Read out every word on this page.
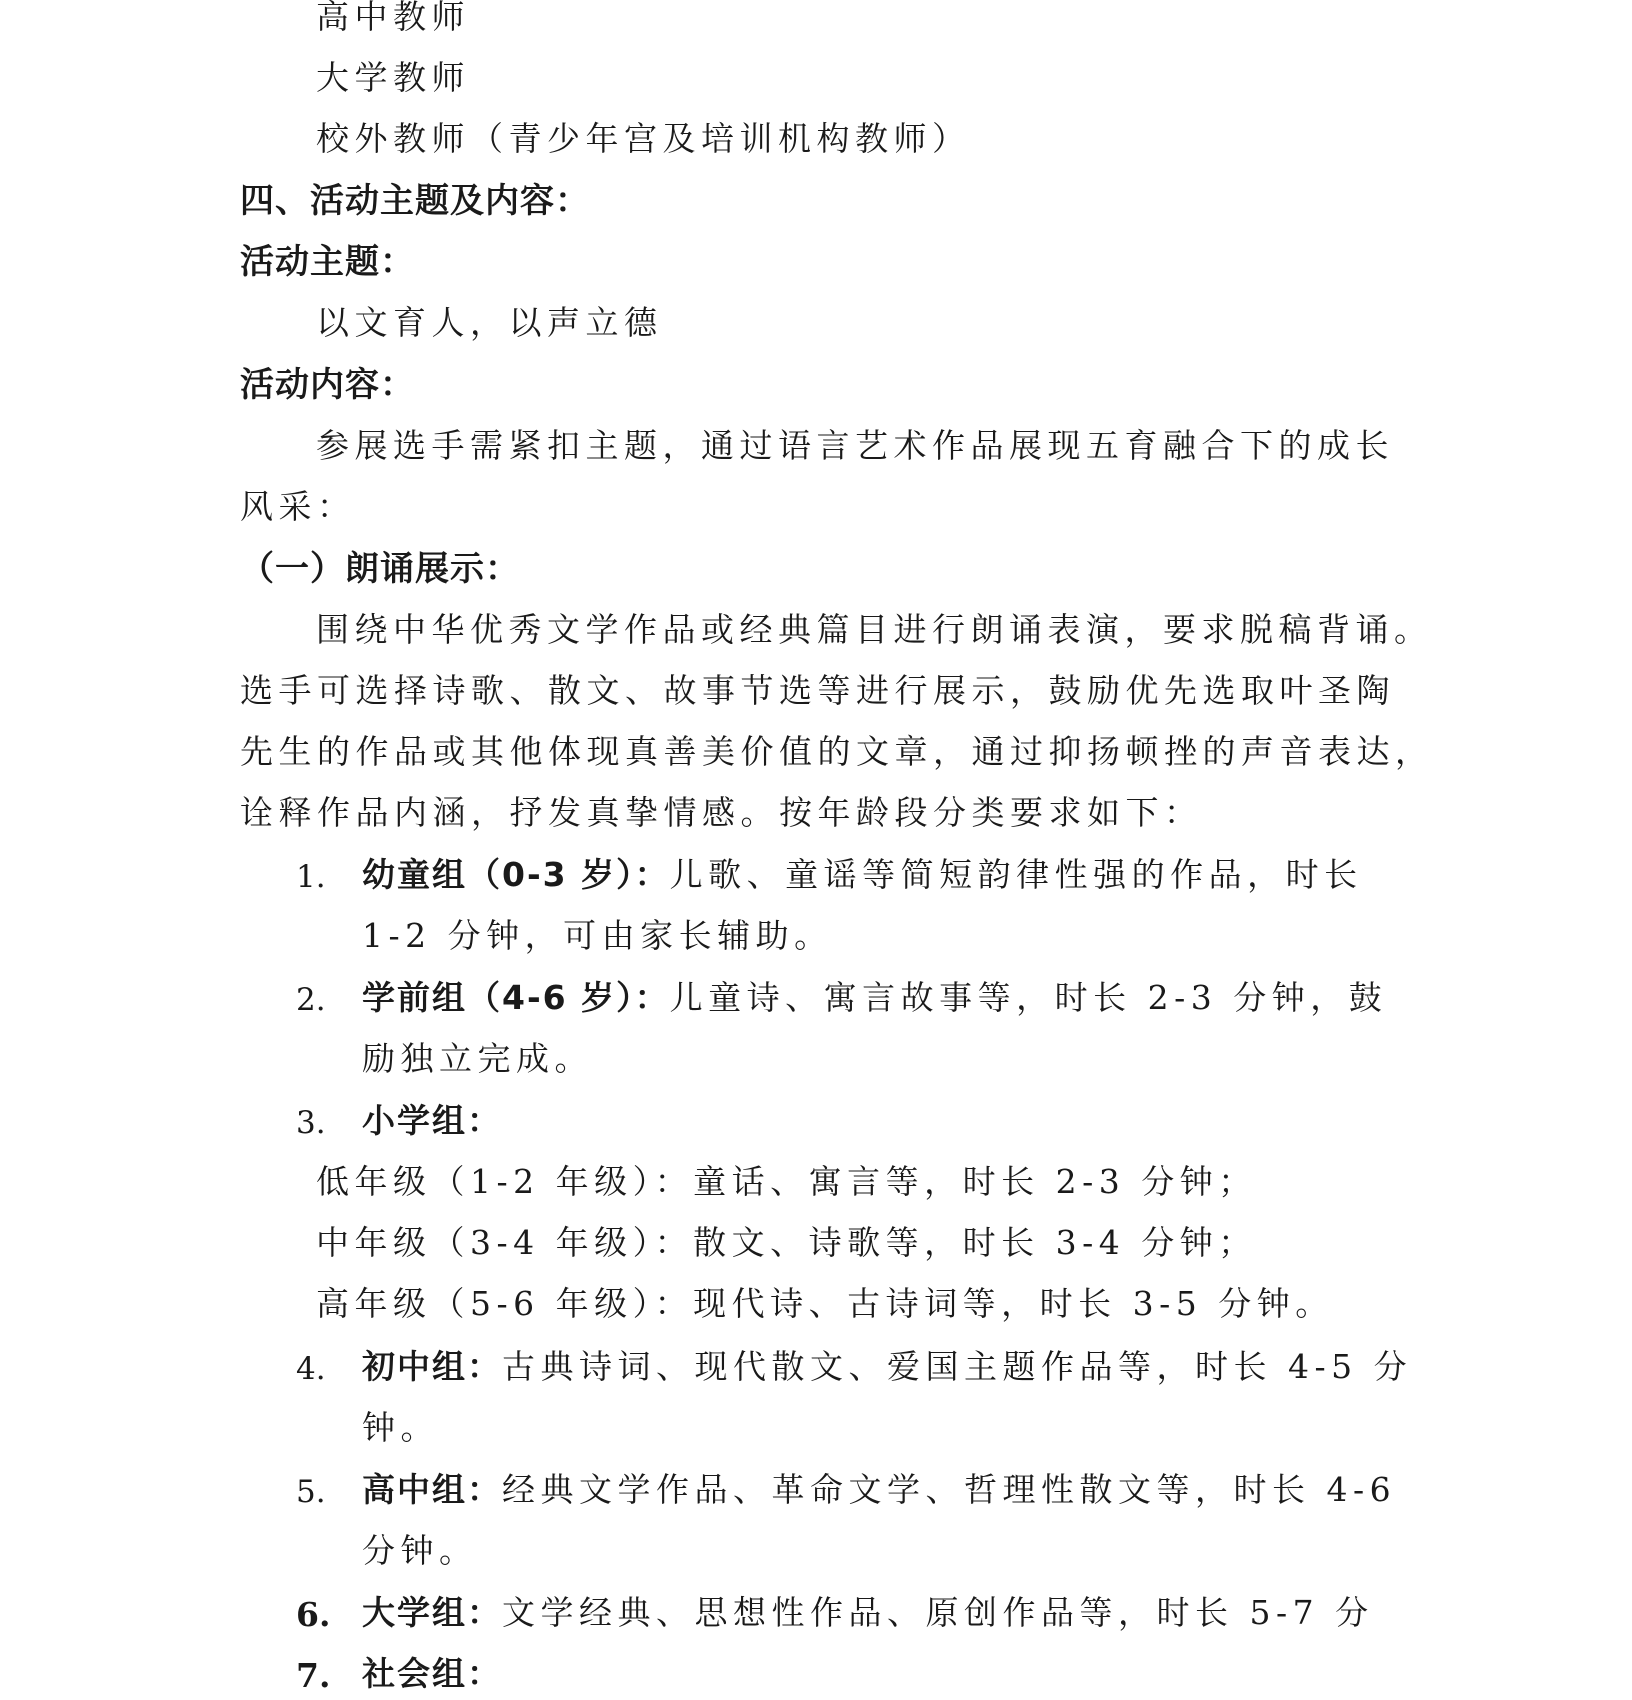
高中教师
大学教师
校外教师（青少年宫及培训机构教师）
四、活动主题及内容：
活动主题：
以文育人，以声立德
活动内容：
参展选手需紧扣主题，通过语言艺术作品展现五育融合下的成长
风采：
（一）朗诵展示：
围绕中华优秀文学作品或经典篇目进行朗诵表演，要求脱稿背诵。
选手可选择诗歌、散文、故事节选等进行展示，鼓励优先选取叶圣陶
先生的作品或其他体现真善美价值的文章，通过抑扬顿挫的声音表达，
诠释作品内涵，抒发真挚情感。按年龄段分类要求如下：
1. 幼童组（0-3 岁）：儿歌、童谣等简短韵律性强的作品，时长
1-2 分钟，可由家长辅助。
2. 学前组（4-6 岁）：儿童诗、寓言故事等，时长 2-3 分钟，鼓
励独立完成。
3. 小学组：
低年级（1-2 年级）：童话、寓言等，时长 2-3 分钟；
中年级（3-4 年级）：散文、诗歌等，时长 3-4 分钟；
高年级（5-6 年级）：现代诗、古诗词等，时长 3-5 分钟。
4. 初中组：古典诗词、现代散文、爱国主题作品等，时长 4-5 分
钟。
5. 高中组：经典文学作品、革命文学、哲理性散文等，时长 4-6
分钟。
6. 大学组：文学经典、思想性作品、原创作品等，时长 5-7 分
7. 社会组：
